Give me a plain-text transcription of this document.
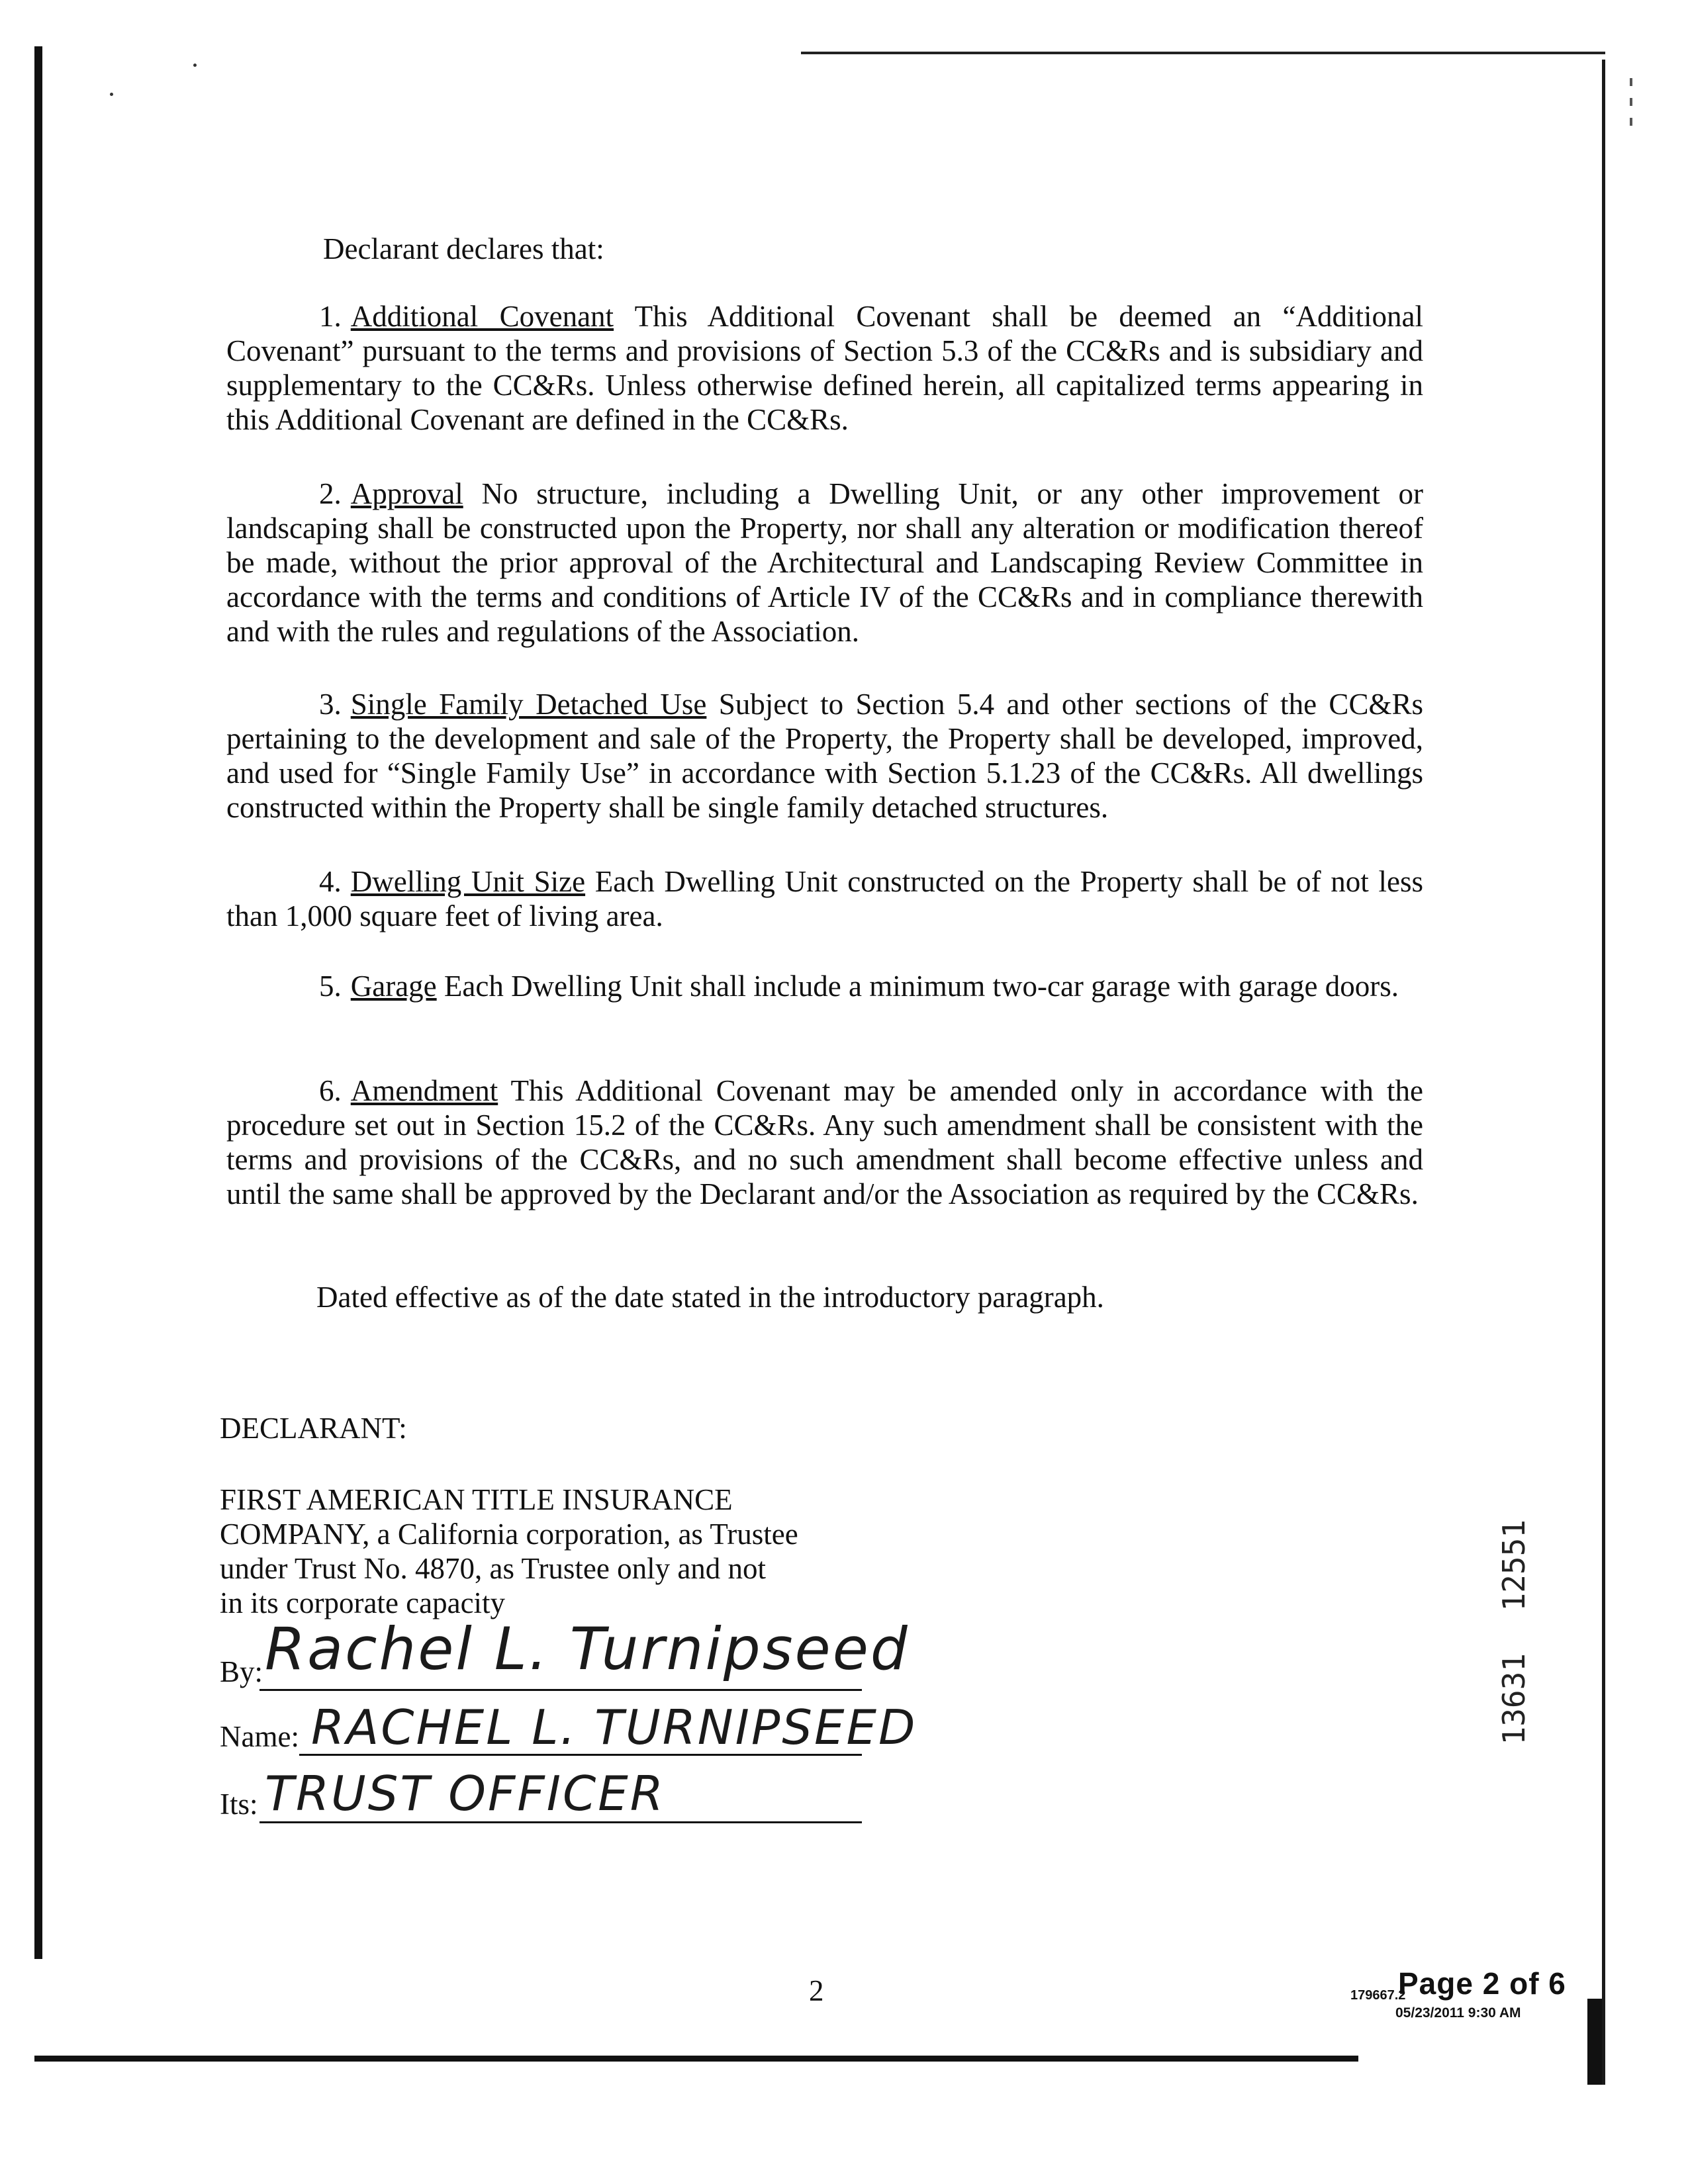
Declarant declares that:
1. Additional Covenant This Additional Covenant shall be deemed an “Additional Covenant” pursuant to the terms and provisions of Section 5.3 of the CC&Rs and is subsidiary and supplementary to the CC&Rs. Unless otherwise defined herein, all capitalized terms appearing in this Additional Covenant are defined in the CC&Rs.
2. Approval No structure, including a Dwelling Unit, or any other improvement or landscaping shall be constructed upon the Property, nor shall any alteration or modification thereof be made, without the prior approval of the Architectural and Landscaping Review Committee in accordance with the terms and conditions of Article IV of the CC&Rs and in compliance therewith and with the rules and regulations of the Association.
3. Single Family Detached Use Subject to Section 5.4 and other sections of the CC&Rs pertaining to the development and sale of the Property, the Property shall be developed, improved, and used for “Single Family Use” in accordance with Section 5.1.23 of the CC&Rs. All dwellings constructed within the Property shall be single family detached structures.
4. Dwelling Unit Size Each Dwelling Unit constructed on the Property shall be of not less than 1,000 square feet of living area.
5. Garage Each Dwelling Unit shall include a minimum two-car garage with garage doors.
6. Amendment This Additional Covenant may be amended only in accordance with the procedure set out in Section 15.2 of the CC&Rs. Any such amendment shall be consistent with the terms and provisions of the CC&Rs, and no such amendment shall become effective unless and until the same shall be approved by the Declarant and/or the Association as required by the CC&Rs.
Dated effective as of the date stated in the introductory paragraph.
DECLARANT:
FIRST AMERICAN TITLE INSURANCE
COMPANY, a California corporation, as Trustee
under Trust No. 4870, as Trustee only and not
in its corporate capacity
By: Rachel L. Turnipseed
Name: RACHEL L. TURNIPSEED
Its: TRUST OFFICER
12551
13631
2	179667.2
Page 2 of 6
05/23/2011 9:30 AM
